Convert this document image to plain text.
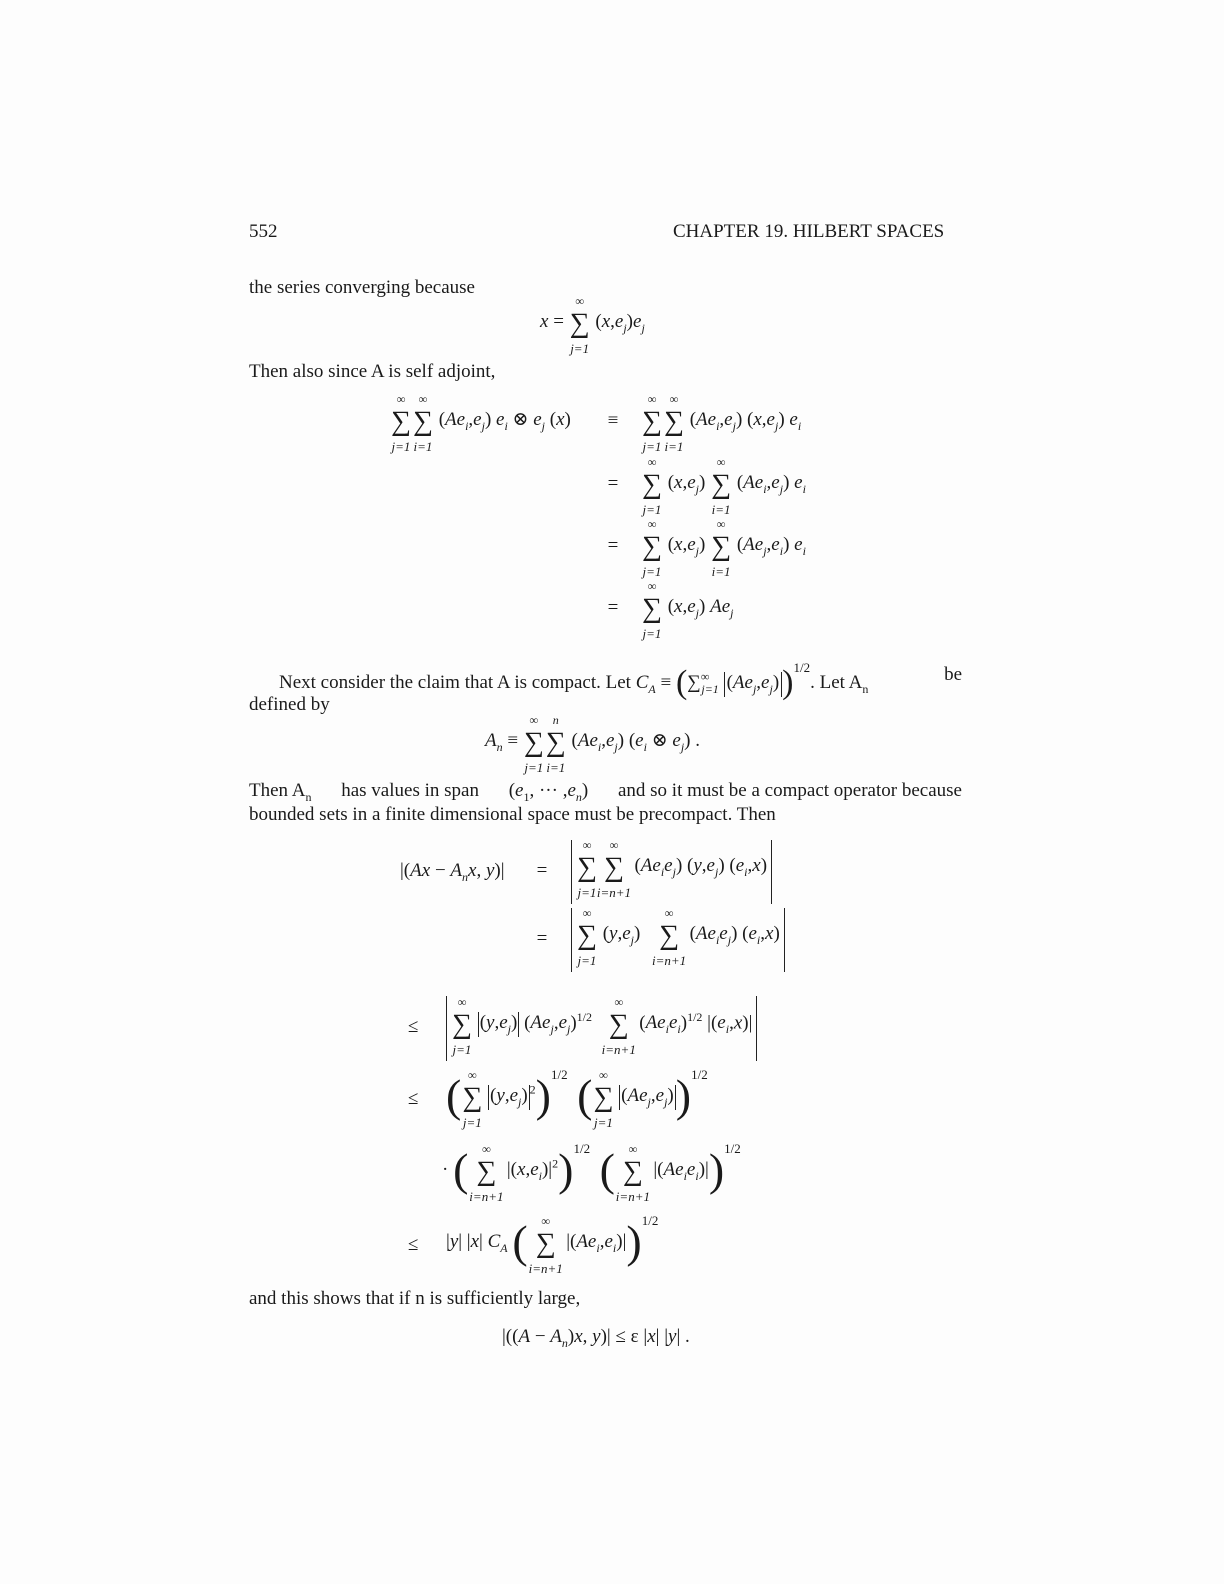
552	CHAPTER 19. HILBERT SPACES
the series converging because
x = ∑
∞
j=1
$(x,e_j)e_j$
Then also since A is self adjoint,
∑
∞
j=1
∑
∞
i=1
$(Ae_i,e_j)$ $e_i$ ⊗ $e_j$ (x)	≡ ∑
∞
j=1
∑
∞
i=1
$(Ae_i,e_j)$ $(x,e_j)$ $e_i$
= ∑
∞
j=1
$(x,e_j)$ ∑
∞
i=1
$(Ae_i,e_j)$ $e_i$
= ∑
∞
j=1
$(x,e_j)$ ∑
∞
i=1
$(Ae_j,e_i)$ $e_i$
= ∑
∞
j=1
$(x,e_j)$ $Ae_j$
Next consider the claim that A is compact. Let $C_A \equiv (\sum^\infty_{j=1}$ $(Ae_j,e_j))^{1/2}$. Let $A_n$
be
defined by
$A_n$ ≡ ∑
∞
j=1
∑
n
i=1
$(Ae_i,e_j)$ ($e_i$ ⊗ $e_j$) .
Then $A_n$ has values in span ($e_1$, ··· $,e_n$) and so it must be a compact operator because
bounded sets in a finite dimensional space must be precompact. Then
$|(Ax - A_nx$, y)|	=	∑
∞
j=1
∑
∞
i=n+1
$(Ae_ie_j)$ $(y,e_j)$ $(e_i,x)$
=	∑
∞
j=1
$(y,e_j)$ ∑
∞
i=n+1
$(Ae_ie_j)$ $(e_i,x)$
≤ ∑
∞
j=1
$(y,e_j)$ $(Ae_j,e_j)^{1/2}$ ∑
∞
i=n+1
$(Ae_ie_i)^{1/2}$ $|(e_i,x)|$
≤ (∑
∞
j=1
$(y,e_j)$ $^2$)$^{1/2}$ (∑
∞
j=1
$(Ae_j,e_j))^{1/2}$
· ( ∑
∞
i=n+1
$|(x,e_i)|^2)^{1/2}$ ( ∑
∞
i=n+1
$|(Ae_ie_i)|)^{1/2}$
≤ |y| |x| $C_A$ ( ∑
∞
i=n+1
$|(Ae_i,e_i)|)^{1/2}$
and this shows that if n is sufficiently large,
$|((A - A_n)x$, y)| ≤ ε |x| |y| .
